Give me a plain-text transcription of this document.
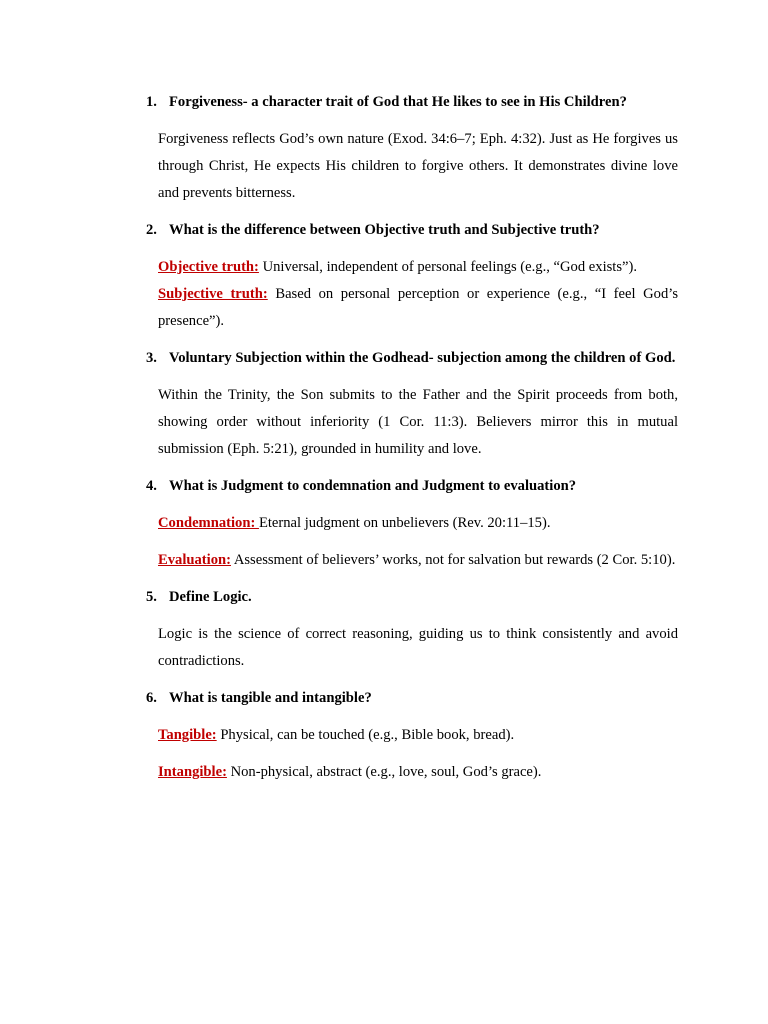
1. Forgiveness- a character trait of God that He likes to see in His Children?
Forgiveness reflects God’s own nature (Exod. 34:6–7; Eph. 4:32). Just as He forgives us through Christ, He expects His children to forgive others. It demonstrates divine love and prevents bitterness.
2. What is the difference between Objective truth and Subjective truth?
Objective truth: Universal, independent of personal feelings (e.g., “God exists”).
Subjective truth: Based on personal perception or experience (e.g., “I feel God’s presence”).
3. Voluntary Subjection within the Godhead- subjection among the children of God.
Within the Trinity, the Son submits to the Father and the Spirit proceeds from both, showing order without inferiority (1 Cor. 11:3). Believers mirror this in mutual submission (Eph. 5:21), grounded in humility and love.
4. What is Judgment to condemnation and Judgment to evaluation?
Condemnation: Eternal judgment on unbelievers (Rev. 20:11–15).
Evaluation: Assessment of believers’ works, not for salvation but rewards (2 Cor. 5:10).
5. Define Logic.
Logic is the science of correct reasoning, guiding us to think consistently and avoid contradictions.
6. What is tangible and intangible?
Tangible: Physical, can be touched (e.g., Bible book, bread).
Intangible: Non-physical, abstract (e.g., love, soul, God’s grace).
